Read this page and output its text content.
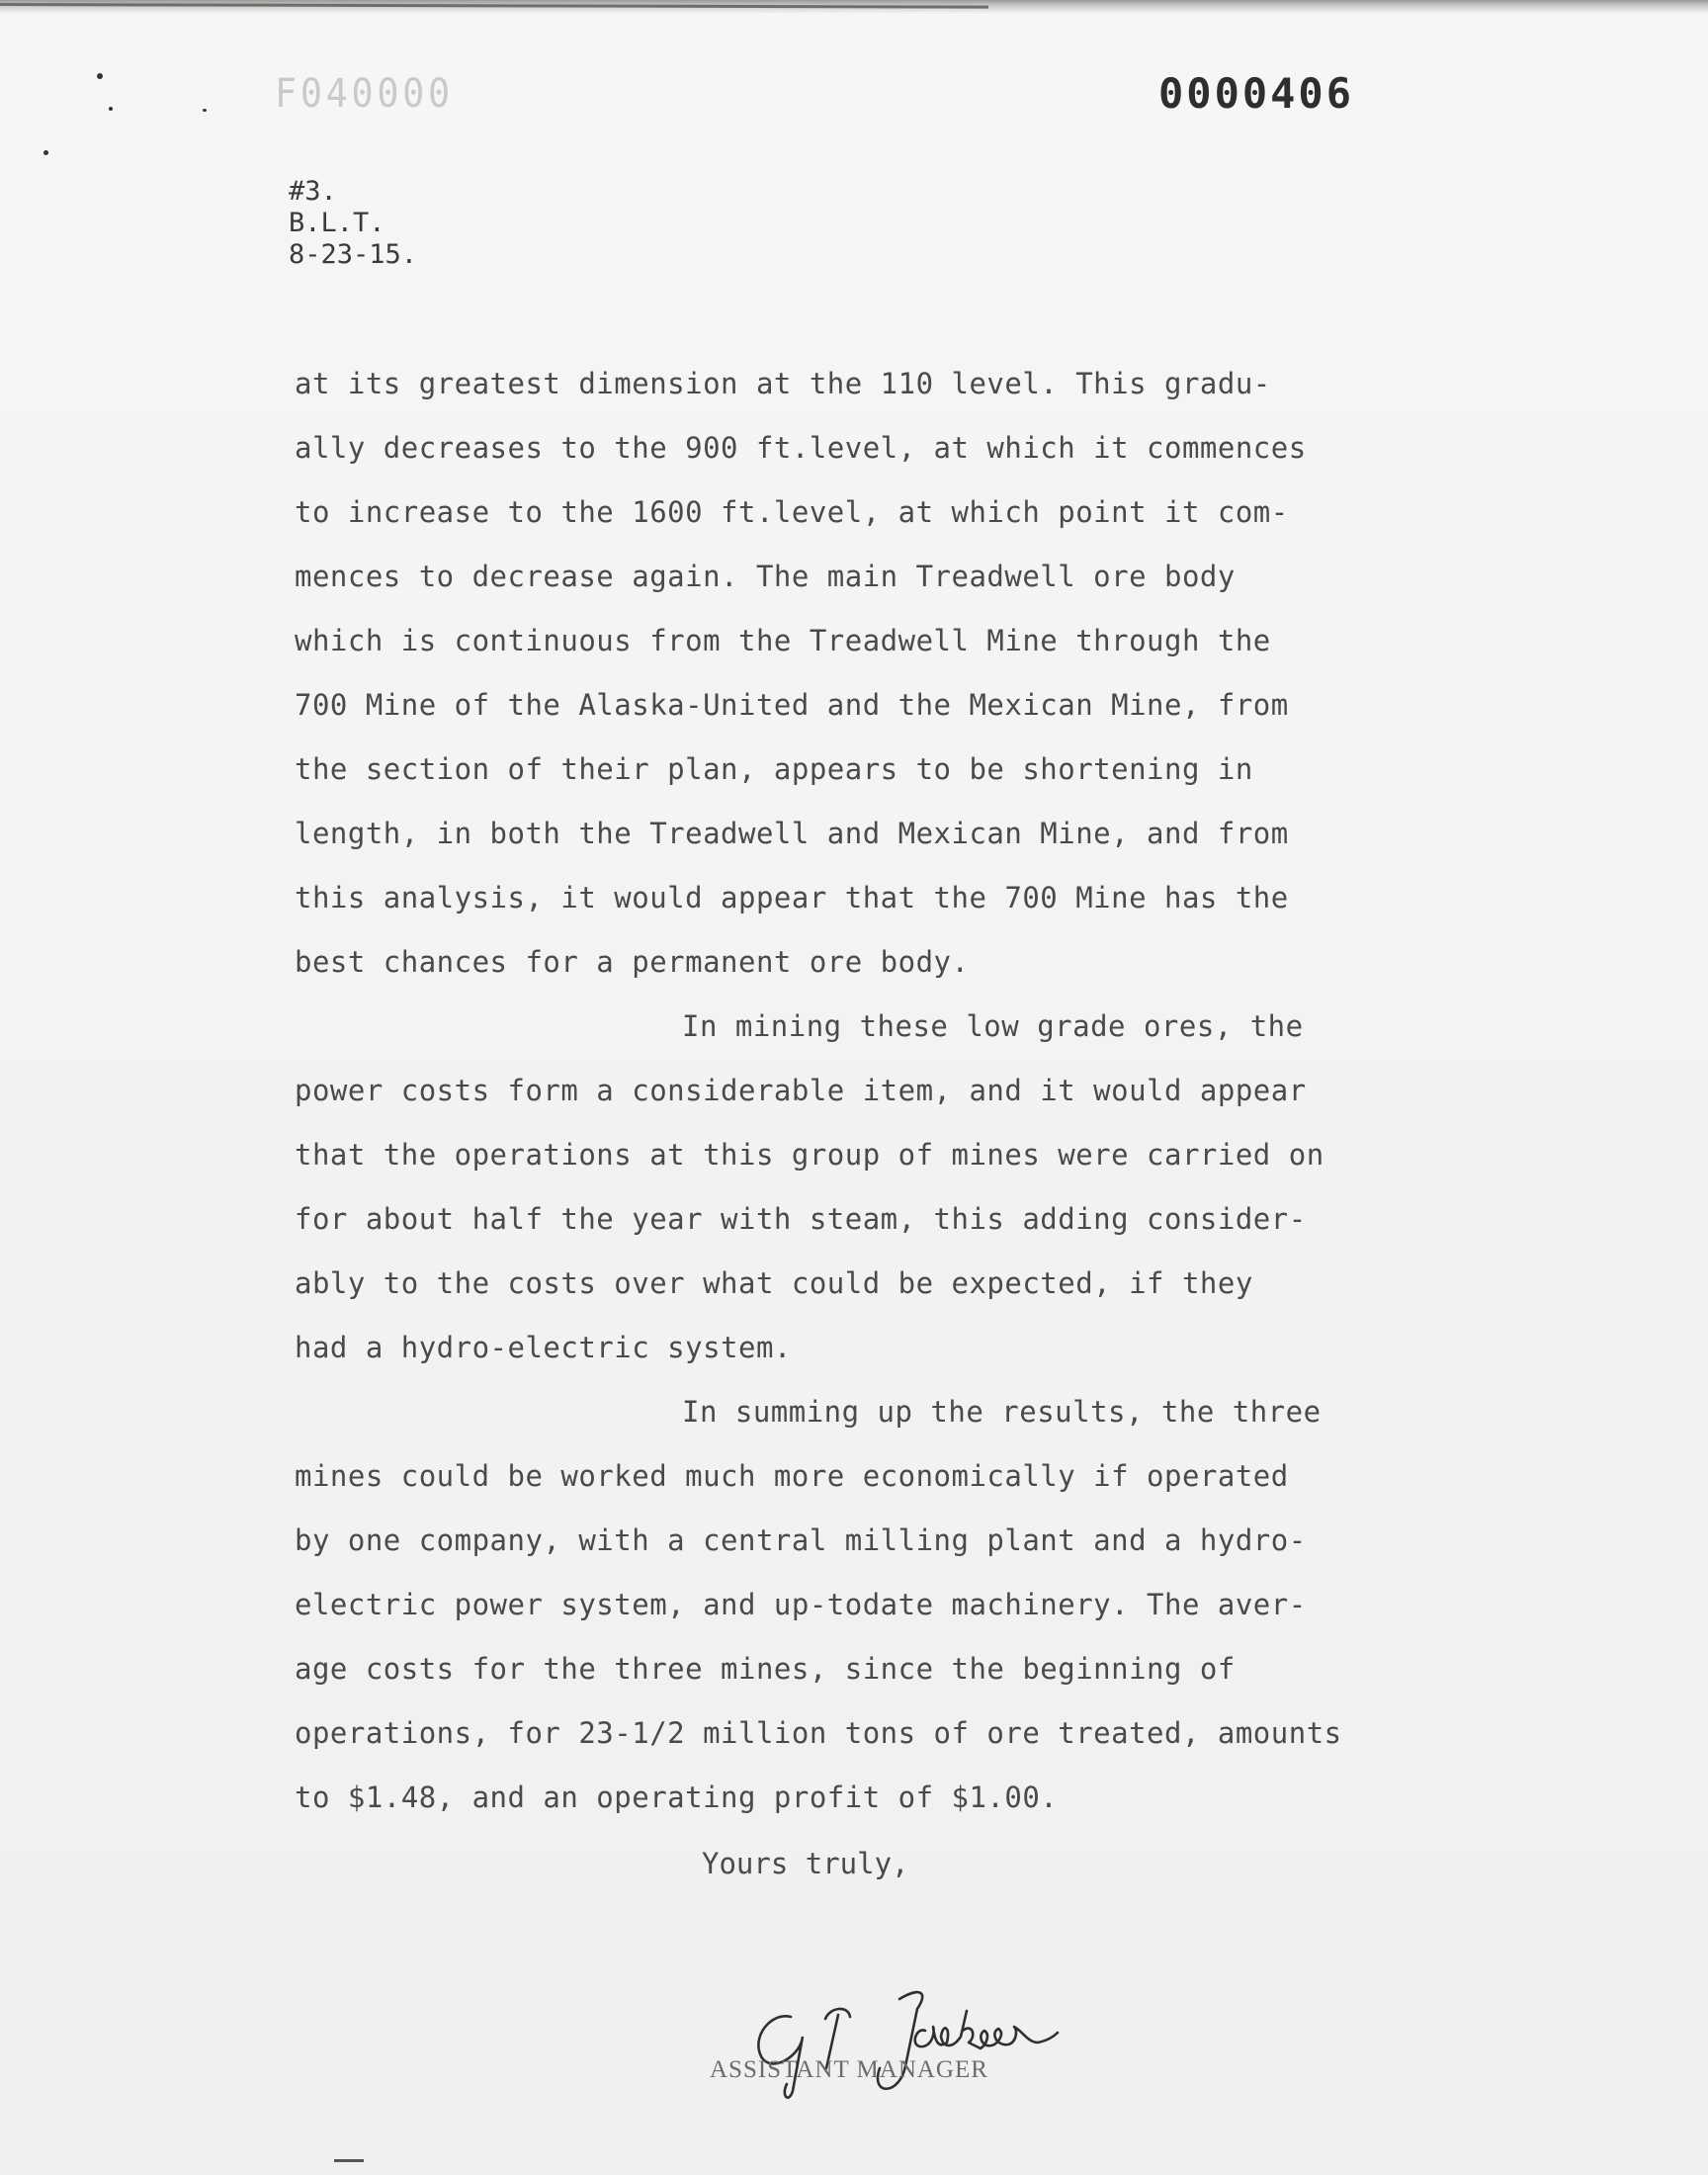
F040000	0000406
#3.
B.L.T.
8-23-15.
at its greatest dimension at the 110 level. This gradu-
ally decreases to the 900 ft.level, at which it commences
to increase to the 1600 ft.level, at which point it com-
mences to decrease again. The main Treadwell ore body
which is continuous from the Treadwell Mine through the
700 Mine of the Alaska-United and the Mexican Mine, from
the section of their plan, appears to be shortening in
length, in both the Treadwell and Mexican Mine, and from
this analysis, it would appear that the 700 Mine has the
best chances for a permanent ore body.
In mining these low grade ores, the
power costs form a considerable item, and it would appear
that the operations at this group of mines were carried on
for about half the year with steam, this adding consider-
ably to the costs over what could be expected, if they
had a hydro-electric system.
In summing up the results, the three
mines could be worked much more economically if operated
by one company, with a central milling plant and a hydro-
electric power system, and up-todate machinery. The aver-
age costs for the three mines, since the beginning of
operations, for 23-1/2 million tons of ore treated, amounts
to $1.48, and an operating profit of $1.00.
Yours truly,
ASSISTANT MANAGER
